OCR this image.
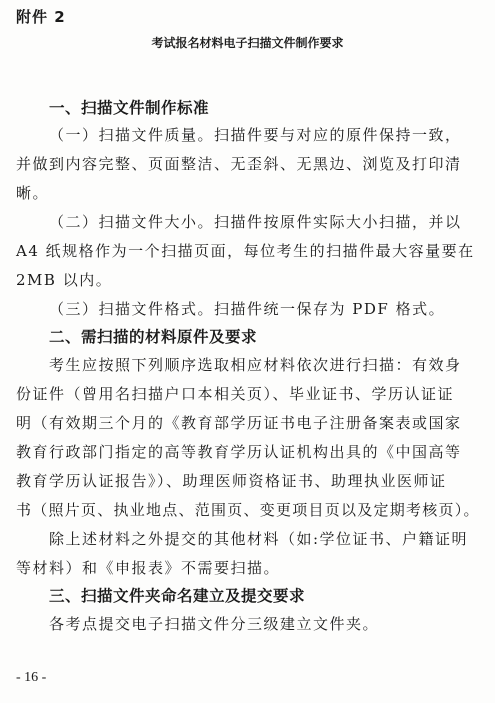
附件 2
考试报名材料电子扫描文件制作要求
一、扫描文件制作标准
（一）扫描文件质量。扫描件要与对应的原件保持一致，
并做到内容完整、页面整洁、无歪斜、无黑边、浏览及打印清
晰。
（二）扫描文件大小。扫描件按原件实际大小扫描，并以
A4 纸规格作为一个扫描页面，每位考生的扫描件最大容量要在
2MB 以内。
（三）扫描文件格式。扫描件统一保存为 PDF 格式。
二、需扫描的材料原件及要求
考生应按照下列顺序选取相应材料依次进行扫描：有效身
份证件（曾用名扫描户口本相关页）、毕业证书、学历认证证
明（有效期三个月的《教育部学历证书电子注册备案表或国家
教育行政部门指定的高等教育学历认证机构出具的《中国高等
教育学历认证报告》）、助理医师资格证书、助理执业医师证
书（照片页、执业地点、范围页、变更项目页以及定期考核页）。
除上述材料之外提交的其他材料（如:学位证书、户籍证明
等材料）和《申报表》不需要扫描。
三、扫描文件夹命名建立及提交要求
各考点提交电子扫描文件分三级建立文件夹。
- 16 -
